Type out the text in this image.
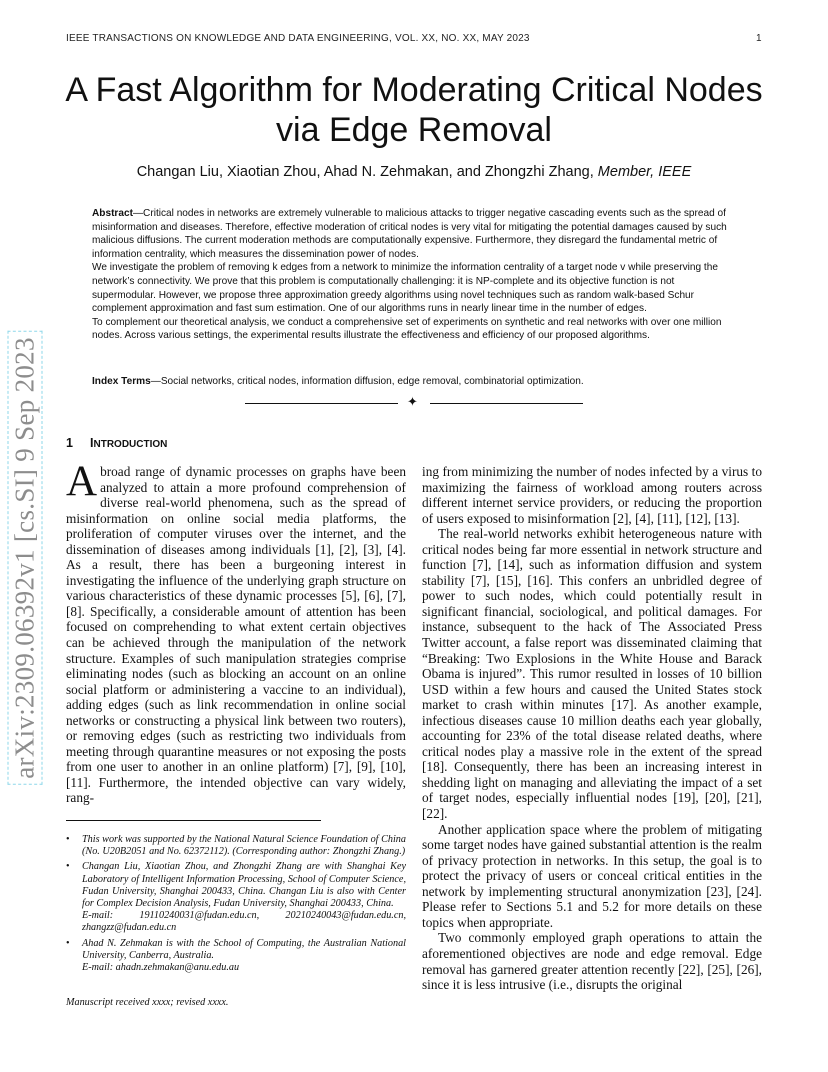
IEEE TRANSACTIONS ON KNOWLEDGE AND DATA ENGINEERING, VOL. XX, NO. XX, MAY 2023	1
A Fast Algorithm for Moderating Critical Nodes
via Edge Removal
Changan Liu, Xiaotian Zhou, Ahad N. Zehmakan, and Zhongzhi Zhang, Member, IEEE

Abstract—Critical nodes in networks are extremely vulnerable to malicious attacks to trigger negative cascading events such as the spread of misinformation and diseases. Therefore, effective moderation of critical nodes is very vital for mitigating the potential damages caused by such malicious diffusions. The current moderation methods are computationally expensive. Furthermore, they disregard the fundamental metric of information centrality, which measures the dissemination power of nodes.

We investigate the problem of removing k edges from a network to minimize the information centrality of a target node v while preserving the network’s connectivity. We prove that this problem is computationally challenging: it is NP-complete and its objective function is not supermodular. However, we propose three approximation greedy algorithms using novel techniques such as random walk-based Schur complement approximation and fast sum estimation. One of our algorithms runs in nearly linear time in the number of edges.

To complement our theoretical analysis, we conduct a comprehensive set of experiments on synthetic and real networks with over one million nodes. Across various settings, the experimental results illustrate the effectiveness and efficiency of our proposed algorithms.

Index Terms—Social networks, critical nodes, information diffusion, edge removal, combinatorial optimization.
✦
arXiv:2309.06392v1 [cs.SI] 9 Sep 2023 1 INTRODUCTION

A broad range of dynamic processes on graphs have been analyzed to attain a more profound comprehension of diverse real-world phenomena, such as the spread of misinformation on online social media platforms, the proliferation of computer viruses over the internet, and the dissemination of diseases among individuals [1], [2], [3], [4]. As a result, there has been a burgeoning interest in investigating the influence of the underlying graph structure on various characteristics of these dynamic processes [5], [6], [7], [8]. Specifically, a considerable amount of attention has been focused on comprehending to what extent certain objectives can be achieved through the manipulation of the network structure. Examples of such manipulation strategies comprise eliminating nodes (such as blocking an account on an online social platform or administering a vaccine to an individual), adding edges (such as link recommendation in online social networks or constructing a physical link between two routers), or removing edges (such as restricting two individuals from meeting through quarantine measures or not exposing the posts from one user to another in an online platform) [7], [9], [10], [11]. Furthermore, the intended objective can vary widely, rang-

ing from minimizing the number of nodes infected by a virus to maximizing the fairness of workload among routers across different internet service providers, or reducing the proportion of users exposed to misinformation [2], [4], [11], [12], [13].

The real-world networks exhibit heterogeneous nature with critical nodes being far more essential in network structure and function [7], [14], such as information diffusion and system stability [7], [15], [16]. This confers an unbridled degree of power to such nodes, which could potentially result in significant financial, sociological, and political damages. For instance, subsequent to the hack of The Associated Press Twitter account, a false report was disseminated claiming that “Breaking: Two Explosions in the White House and Barack Obama is injured”. This rumor resulted in losses of 10 billion USD within a few hours and caused the United States stock market to crash within minutes [17]. As another example, infectious diseases cause 10 million deaths each year globally, accounting for 23% of the total disease related deaths, where critical nodes play a massive role in the extent of the spread [18]. Consequently, there has been an increasing interest in shedding light on managing and alleviating the impact of a set of target nodes, especially influential nodes [19], [20], [21], [22].

Another application space where the problem of mitigating some target nodes have gained substantial attention is the realm of privacy protection in networks. In this setup, the goal is to protect the privacy of users or conceal critical entities in the network by implementing structural anonymization [23], [24]. Please refer to Sections 5.1 and 5.2 for more details on these topics when appropriate.

Two commonly employed graph operations to attain the aforementioned objectives are node and edge removal. Edge removal has garnered greater attention recently [22], [25], [26], since it is less intrusive (i.e., disrupts the original

• This work was supported by the National Natural Science Foundation of China (No. U20B2051 and No. 62372112). (Corresponding author: Zhongzhi Zhang.)
• Changan Liu, Xiaotian Zhou, and Zhongzhi Zhang are with Shanghai Key Laboratory of Intelligent Information Processing, School of Computer Science, Fudan University, Shanghai 200433, China. Changan Liu is also with Center for Complex Decision Analysis, Fudan University, Shanghai 200433, China.
E-mail: 19110240031@fudan.edu.cn, 20210240043@fudan.edu.cn, zhangzz@fudan.edu.cn
• Ahad N. Zehmakan is with the School of Computing, the Australian National University, Canberra, Australia.
E-mail: ahadn.zehmakan@anu.edu.au
Manuscript received xxxx; revised xxxx.
